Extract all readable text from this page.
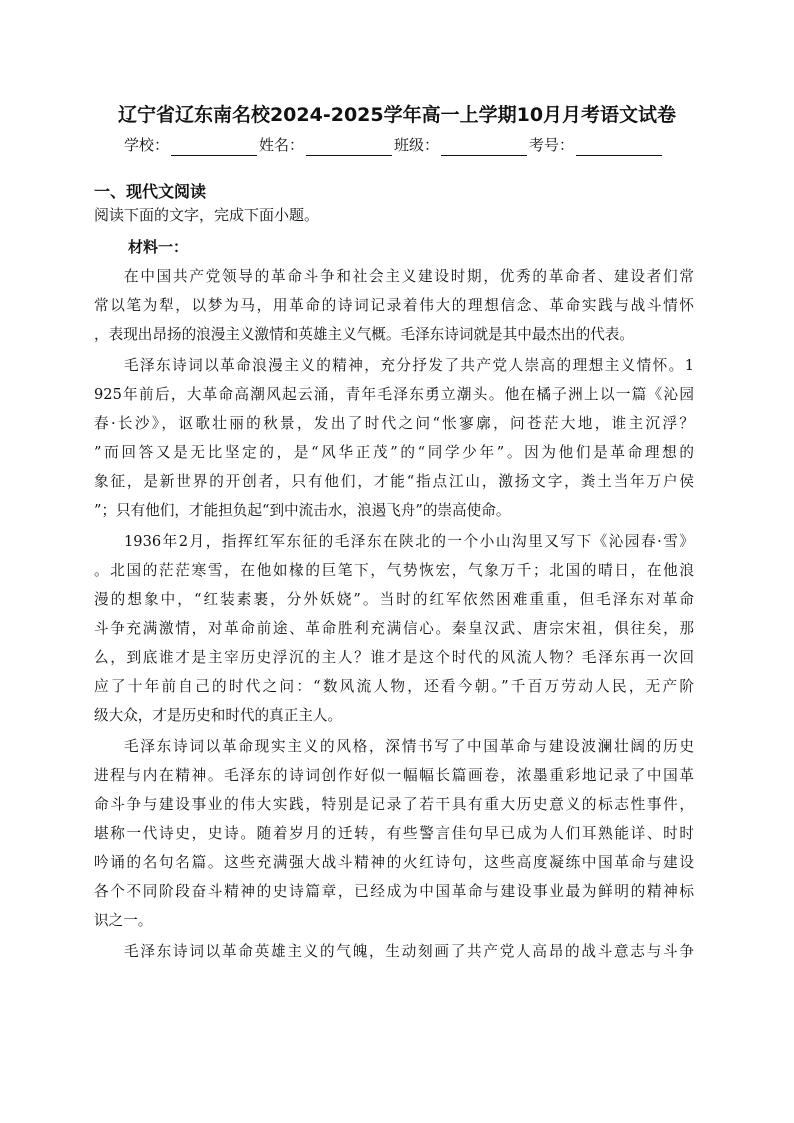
辽宁省辽东南名校2024-2025学年高一上学期10月月考语文试卷
学校：	姓名：	班级：	考号：
一、现代文阅读
阅读下面的文字，完成下面小题。
材料一：
在中国共产党领导的革命斗争和社会主义建设时期，优秀的革命者、建设者们常
常以笔为犁，以梦为马，用革命的诗词记录着伟大的理想信念、革命实践与战斗情怀
，表现出昂扬的浪漫主义激情和英雄主义气概。毛泽东诗词就是其中最杰出的代表。
毛泽东诗词以革命浪漫主义的精神，充分抒发了共产党人崇高的理想主义情怀。1
925年前后，大革命高潮风起云涌，青年毛泽东勇立潮头。他在橘子洲上以一篇《沁园
春·长沙》，讴歌壮丽的秋景，发出了时代之问“怅寥廓，问苍茫大地，谁主沉浮？
”而回答又是无比坚定的，是“风华正茂”的“同学少年”。因为他们是革命理想的
象征，是新世界的开创者，只有他们，才能“指点江山，激扬文字，粪土当年万户侯
”；只有他们，才能担负起“到中流击水，浪遏飞舟”的崇高使命。
1936年2月，指挥红军东征的毛泽东在陕北的一个小山沟里又写下《沁园春·雪》
。北国的茫茫寒雪，在他如椽的巨笔下，气势恢宏，气象万千；北国的晴日，在他浪
漫的想象中，“红装素裹，分外妖娆”。当时的红军依然困难重重，但毛泽东对革命
斗争充满激情，对革命前途、革命胜利充满信心。秦皇汉武、唐宗宋祖，俱往矣，那
么，到底谁才是主宰历史浮沉的主人？谁才是这个时代的风流人物？毛泽东再一次回
应了十年前自己的时代之问：“数风流人物，还看今朝。”千百万劳动人民，无产阶
级大众，才是历史和时代的真正主人。
毛泽东诗词以革命现实主义的风格，深情书写了中国革命与建设波澜壮阔的历史
进程与内在精神。毛泽东的诗词创作好似一幅幅长篇画卷，浓墨重彩地记录了中国革
命斗争与建设事业的伟大实践，特别是记录了若干具有重大历史意义的标志性事件，
堪称一代诗史，史诗。随着岁月的迁转，有些警言佳句早已成为人们耳熟能详、时时
吟诵的名句名篇。这些充满强大战斗精神的火红诗句，这些高度凝练中国革命与建设
各个不同阶段奋斗精神的史诗篇章，已经成为中国革命与建设事业最为鲜明的精神标
识之一。
毛泽东诗词以革命英雄主义的气魄，生动刻画了共产党人高昂的战斗意志与斗争
